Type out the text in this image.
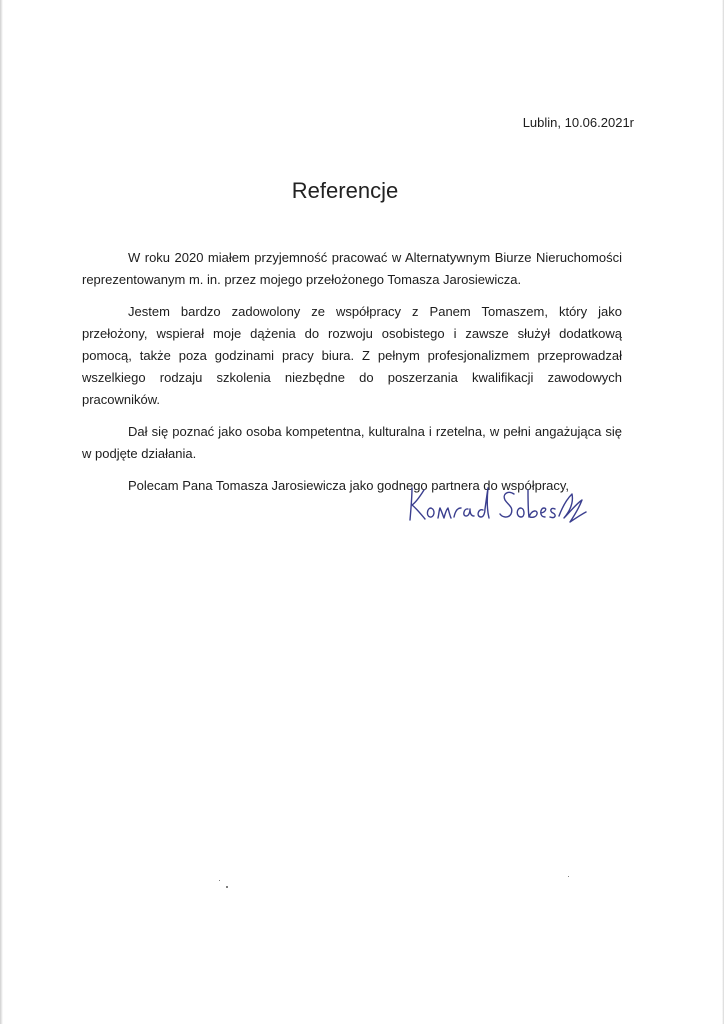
Lublin, 10.06.2021r
Referencje

W roku 2020 miałem przyjemność pracować w Alternatywnym Biurze Nieruchomości reprezentowanym m. in. przez mojego przełożonego Tomasza Jarosiewicza.

Jestem bardzo zadowolony ze współpracy z Panem Tomaszem, który jako przełożony, wspierał moje dążenia do rozwoju osobistego i zawsze służył dodatkową pomocą, także poza godzinami pracy biura. Z pełnym profesjonalizmem przeprowadzał wszelkiego rodzaju szkolenia niezbędne do poszerzania kwalifikacji zawodowych pracowników.

Dał się poznać jako osoba kompetentna, kulturalna i rzetelna, w pełni angażująca się w podjęte działania.

Polecam Pana Tomasza Jarosiewicza jako godnego partnera do współpracy,
